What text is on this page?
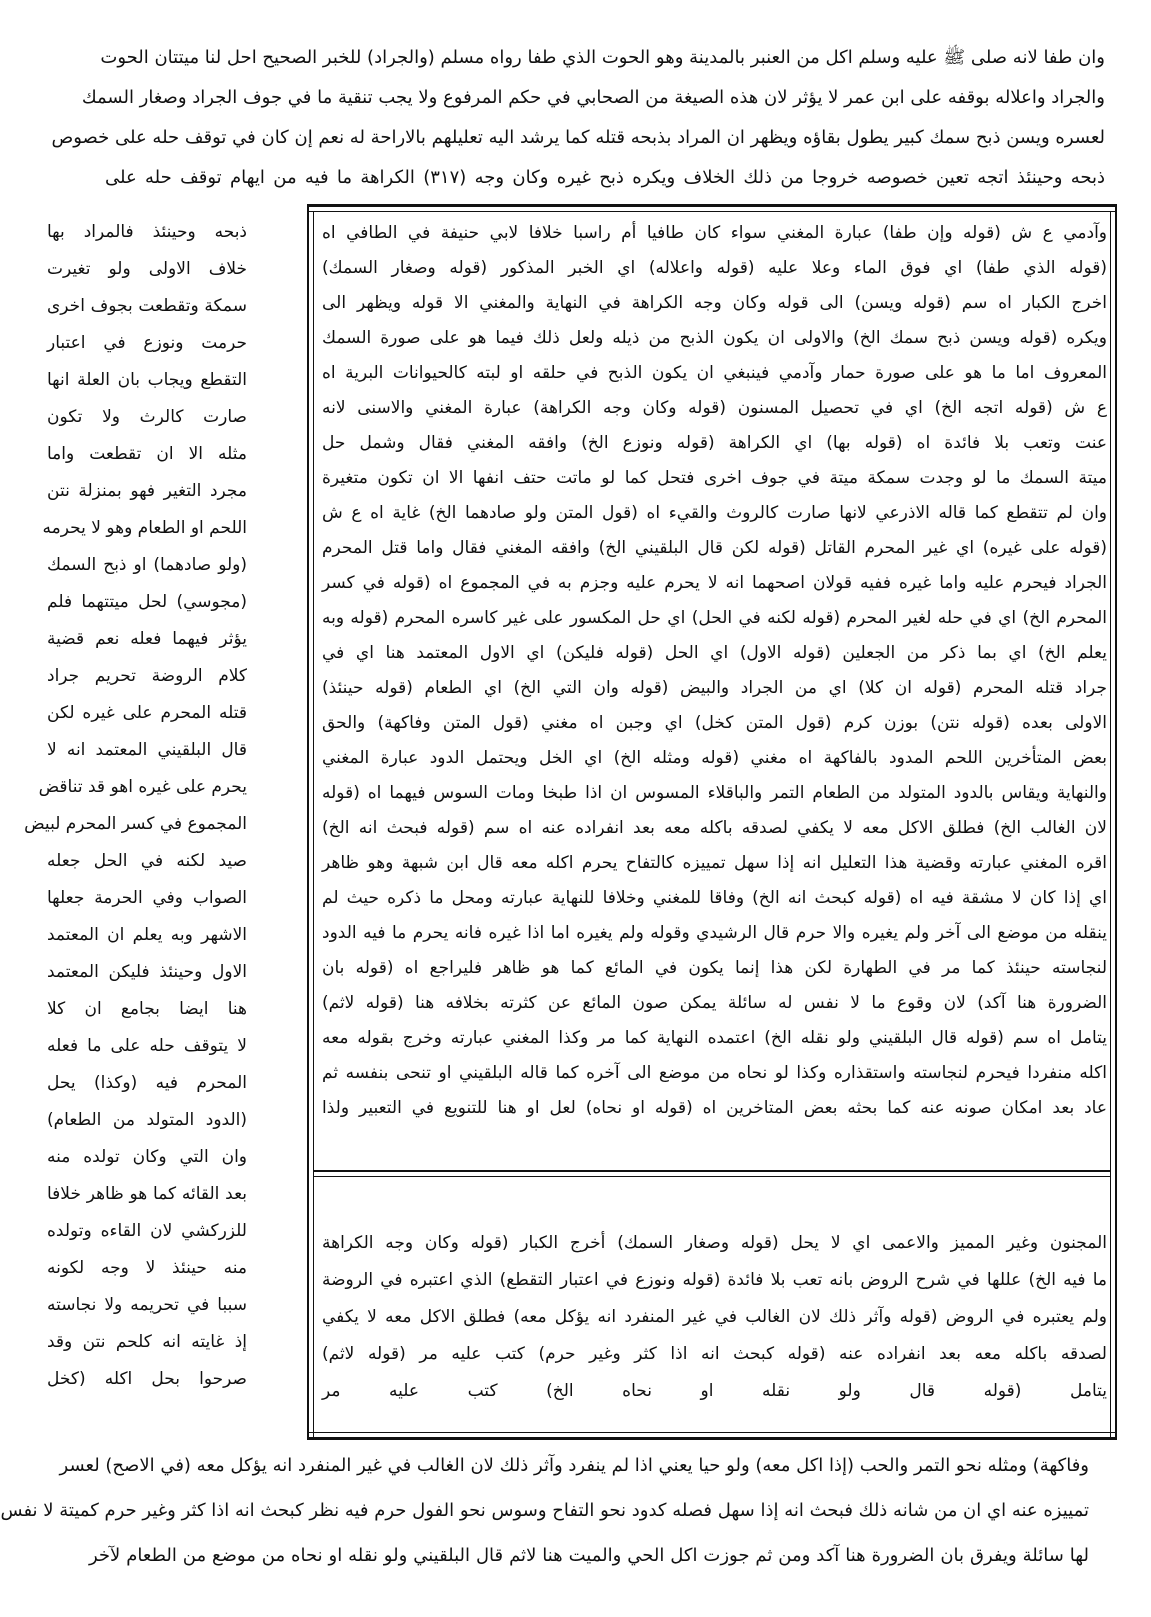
وان طفا لانه صلى ﷺ عليه وسلم اكل من العنبر بالمدينة وهو الحوت الذي طفا رواه مسلم (والجراد) للخبر الصحيح احل لنا ميتتان الحوت
والجراد واعلاله بوقفه على ابن عمر لا يؤثر لان هذه الصيغة من الصحابي في حكم المرفوع ولا يجب تنقية ما في جوف الجراد وصغار السمك
لعسره ويسن ذبح سمك كبير يطول بقاؤه ويظهر ان المراد بذبحه قتله كما يرشد اليه تعليلهم بالاراحة له نعم إن كان في توقف حله على خصوص
ذبحه وحينئذ اتجه تعين خصوصه خروجا من ذلك الخلاف ويكره ذبح غيره وكان وجه (٣١٧) الكراهة ما فيه من ايهام توقف حله على
ذبحه وحينئذ فالمراد بها
خلاف الاولى ولو تغيرت
سمكة وتقطعت بجوف اخرى
حرمت ونوزع في اعتبار
التقطع ويجاب بان العلة انها
صارت كالرث ولا تكون
مثله الا ان تقطعت واما
مجرد التغير فهو بمنزلة نتن
اللحم او الطعام وهو لا يحرمه
(ولو صادهما) او ذبح السمك
(مجوسي) لحل ميتتهما فلم
يؤثر فيهما فعله نعم قضية
كلام الروضة تحريم جراد
قتله المحرم على غيره لكن
قال البلقيني المعتمد انه لا
يحرم على غيره اهو قد تناقض
المجموع في كسر المحرم لبيض
صيد لكنه في الحل جعله
الصواب وفي الحرمة جعلها
الاشهر وبه يعلم ان المعتمد
الاول وحينئذ فليكن المعتمد
هنا ايضا بجامع ان كلا
لا يتوقف حله على ما فعله
المحرم فيه (وكذا) يحل
(الدود المتولد من الطعام)
وان التي وكان تولده منه
بعد القائه كما هو ظاهر خلافا
للزركشي لان القاءه وتولده
منه حينئذ لا وجه لكونه
سببا في تحريمه ولا نجاسته
إذ غايته انه كلحم نتن وقد
صرحوا بحل اكله (كخل
وآدمي ع ش (قوله وإن طفا) عبارة المغني سواء كان طافيا أم راسبا خلافا لابي حنيفة في الطافي اه
(قوله الذي طفا) اي فوق الماء وعلا عليه (قوله واعلاله) اي الخبر المذكور (قوله وصغار السمك)
اخرج الكبار اه سم (قوله ويسن) الى قوله وكان وجه الكراهة في النهاية والمغني الا قوله ويظهر الى
ويكره (قوله ويسن ذبح سمك الخ) والاولى ان يكون الذبح من ذيله ولعل ذلك فيما هو على صورة السمك
المعروف اما ما هو على صورة حمار وآدمي فينبغي ان يكون الذبح في حلقه او لبته كالحيوانات البرية اه
ع ش (قوله اتجه الخ) اي في تحصيل المسنون (قوله وكان وجه الكراهة) عبارة المغني والاسنى لانه
عنت وتعب بلا فائدة اه (قوله بها) اي الكراهة (قوله ونوزع الخ) وافقه المغني فقال وشمل حل
ميتة السمك ما لو وجدت سمكة ميتة في جوف اخرى فتحل كما لو ماتت حتف انفها الا ان تكون متغيرة
وان لم تتقطع كما قاله الاذرعي لانها صارت كالروث والقيء اه (قول المتن ولو صادهما الخ) غاية اه ع ش
(قوله على غيره) اي غير المحرم القاتل (قوله لكن قال البلقيني الخ) وافقه المغني فقال واما قتل المحرم
الجراد فيحرم عليه واما غيره ففيه قولان اصحهما انه لا يحرم عليه وجزم به في المجموع اه (قوله في كسر
المحرم الخ) اي في حله لغير المحرم (قوله لكنه في الحل) اي حل المكسور على غير كاسره المحرم (قوله وبه
يعلم الخ) اي بما ذكر من الجعلين (قوله الاول) اي الحل (قوله فليكن) اي الاول المعتمد هنا اي في
جراد قتله المحرم (قوله ان كلا) اي من الجراد والبيض (قوله وان التي الخ) اي الطعام (قوله حينئذ)
الاولى بعده (قوله نتن) بوزن كرم (قول المتن كخل) اي وجبن اه مغني (قول المتن وفاكهة) والحق
بعض المتأخرين اللحم المدود بالفاكهة اه مغني (قوله ومثله الخ) اي الخل ويحتمل الدود عبارة المغني
والنهاية ويقاس بالدود المتولد من الطعام التمر والباقلاء المسوس ان اذا طبخا ومات السوس فيهما اه (قوله
لان الغالب الخ) فطلق الاكل معه لا يكفي لصدقه باكله معه بعد انفراده عنه اه سم (قوله فبحث انه الخ)
اقره المغني عبارته وقضية هذا التعليل انه إذا سهل تمييزه كالتفاح يحرم اكله معه قال ابن شبهة وهو ظاهر
اي إذا كان لا مشقة فيه اه (قوله كبحث انه الخ) وفاقا للمغني وخلافا للنهاية عبارته ومحل ما ذكره حيث لم
ينقله من موضع الى آخر ولم يغيره والا حرم قال الرشيدي وقوله ولم يغيره اما اذا غيره فانه يحرم ما فيه الدود
لنجاسته حينئذ كما مر في الطهارة لكن هذا إنما يكون في المائع كما هو ظاهر فليراجع اه (قوله بان
الضرورة هنا آكد) لان وقوع ما لا نفس له سائلة يمكن صون المائع عن كثرته بخلافه هنا (قوله لاثم)
يتامل اه سم (قوله قال البلقيني ولو نقله الخ) اعتمده النهاية كما مر وكذا المغني عبارته وخرج بقوله معه
اكله منفردا فيحرم لنجاسته واستقذاره وكذا لو نحاه من موضع الى آخره كما قاله البلقيني او تنحى بنفسه ثم
عاد بعد امكان صونه عنه كما بحثه بعض المتاخرين اه (قوله او نحاه) لعل او هنا للتنويع في التعبير ولذا
المجنون وغير المميز والاعمى اي لا يحل (قوله وصغار السمك) أخرج الكبار (قوله وكان وجه الكراهة
ما فيه الخ) عللها في شرح الروض بانه تعب بلا فائدة (قوله ونوزع في اعتبار التقطع) الذي اعتبره في الروضة
ولم يعتبره في الروض (قوله وآثر ذلك لان الغالب في غير المنفرد انه يؤكل معه) فطلق الاكل معه لا يكفي
لصدقه باكله معه بعد انفراده عنه (قوله كبحث انه اذا كثر وغير حرم) كتب عليه مر (قوله لاثم)
يتامل (قوله قال ولو نقله او نحاه الخ) كتب عليه مر
وفاكهة) ومثله نحو التمر والحب (إذا اكل معه) ولو حيا يعني اذا لم ينفرد وآثر ذلك لان الغالب في غير المنفرد انه يؤكل معه (في الاصح) لعسر
تمييزه عنه اي ان من شانه ذلك فبحث انه إذا سهل فصله كدود نحو التفاح وسوس نحو الفول حرم فيه نظر كبحث انه اذا كثر وغير حرم كميتة لا نفس
لها سائلة ويفرق بان الضرورة هنا آكد ومن ثم جوزت اكل الحي والميت هنا لاثم قال البلقيني ولو نقله او نحاه من موضع من الطعام لآخر
